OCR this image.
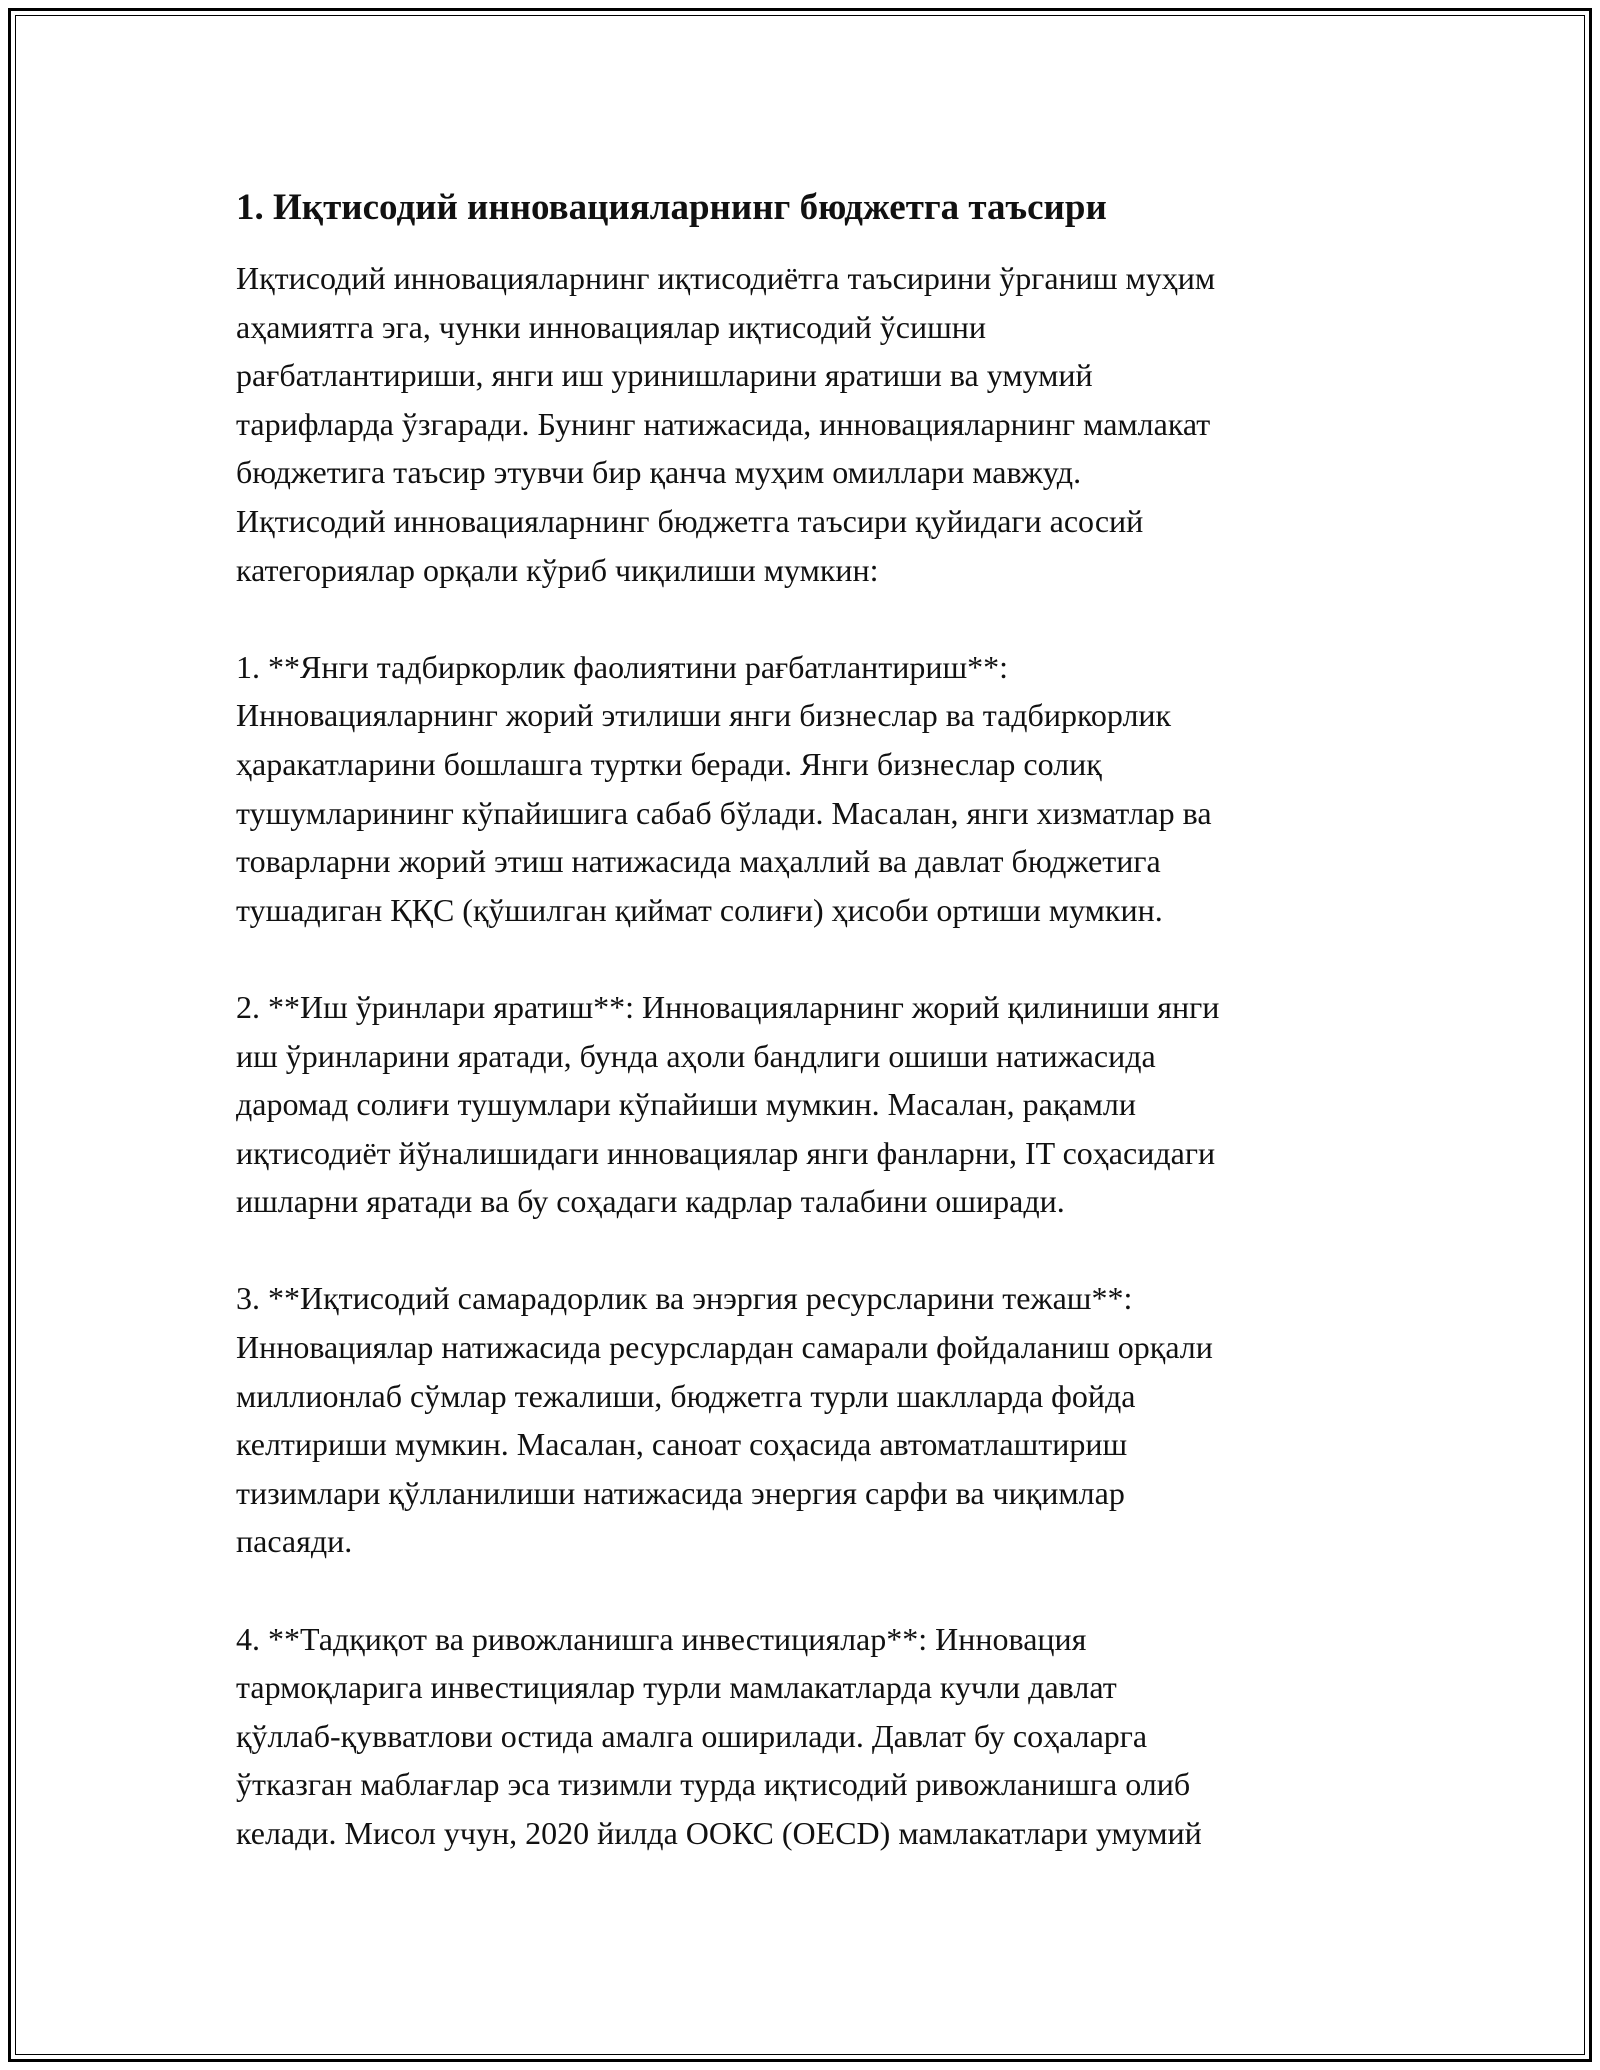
1. Иқтисодий инновацияларнинг бюджетга таъсири

Иқтисодий инновацияларнинг иқтисодиётга таъсирини ўрганиш муҳим
аҳамиятга эга, чунки инновациялар иқтисодий ўсишни
рағбатлантириши, янги иш уринишларини яратиши ва умумий
тарифларда ўзгаради. Бунинг натижасида, инновацияларнинг мамлакат
бюджетига таъсир этувчи бир қанча муҳим омиллари мавжуд.
Иқтисодий инновацияларнинг бюджетга таъсири қуйидаги асосий
категориялар орқали кўриб чиқилиши мумкин:

1. **Янги тадбиркорлик фаолиятини рағбатлантириш**:
Инновацияларнинг жорий этилиши янги бизнеслар ва тадбиркорлик
ҳаракатларини бошлашга туртки беради. Янги бизнеслар солиқ
тушумларининг кўпайишига сабаб бўлади. Масалан, янги хизматлар ва
товарларни жорий этиш натижасида маҳаллий ва давлат бюджетига
тушадиган ҚҚС (қўшилган қиймат солиғи) ҳисоби ортиши мумкин.

2. **Иш ўринлари яратиш**: Инновацияларнинг жорий қилиниши янги
иш ўринларини яратади, бунда аҳоли бандлиги ошиши натижасида
даромад солиғи тушумлари кўпайиши мумкин. Масалан, рақамли
иқтисодиёт йўналишидаги инновациялар янги фанларни, IT соҳасидаги
ишларни яратади ва бу соҳадаги кадрлар талабини оширади.

3. **Иқтисодий самарадорлик ва энэргия ресурсларини тежаш**:
Инновациялар натижасида ресурслардан самарали фойдаланиш орқали
миллионлаб сўмлар тежалиши, бюджетга турли шаклларда фойда
келтириши мумкин. Масалан, саноат соҳасида автоматлаштириш
тизимлари қўлланилиши натижасида энергия сарфи ва чиқимлар
пасаяди.

4. **Тадқиқот ва ривожланишга инвестициялар**: Инновация
тармоқларига инвестициялар турли мамлакатларда кучли давлат
қўллаб-қувватлови остида амалга оширилади. Давлат бу соҳаларга
ўтказган маблағлар эса тизимли турда иқтисодий ривожланишга олиб
келади. Мисол учун, 2020 йилда ООКС (OECD) мамлакатлари умумий
